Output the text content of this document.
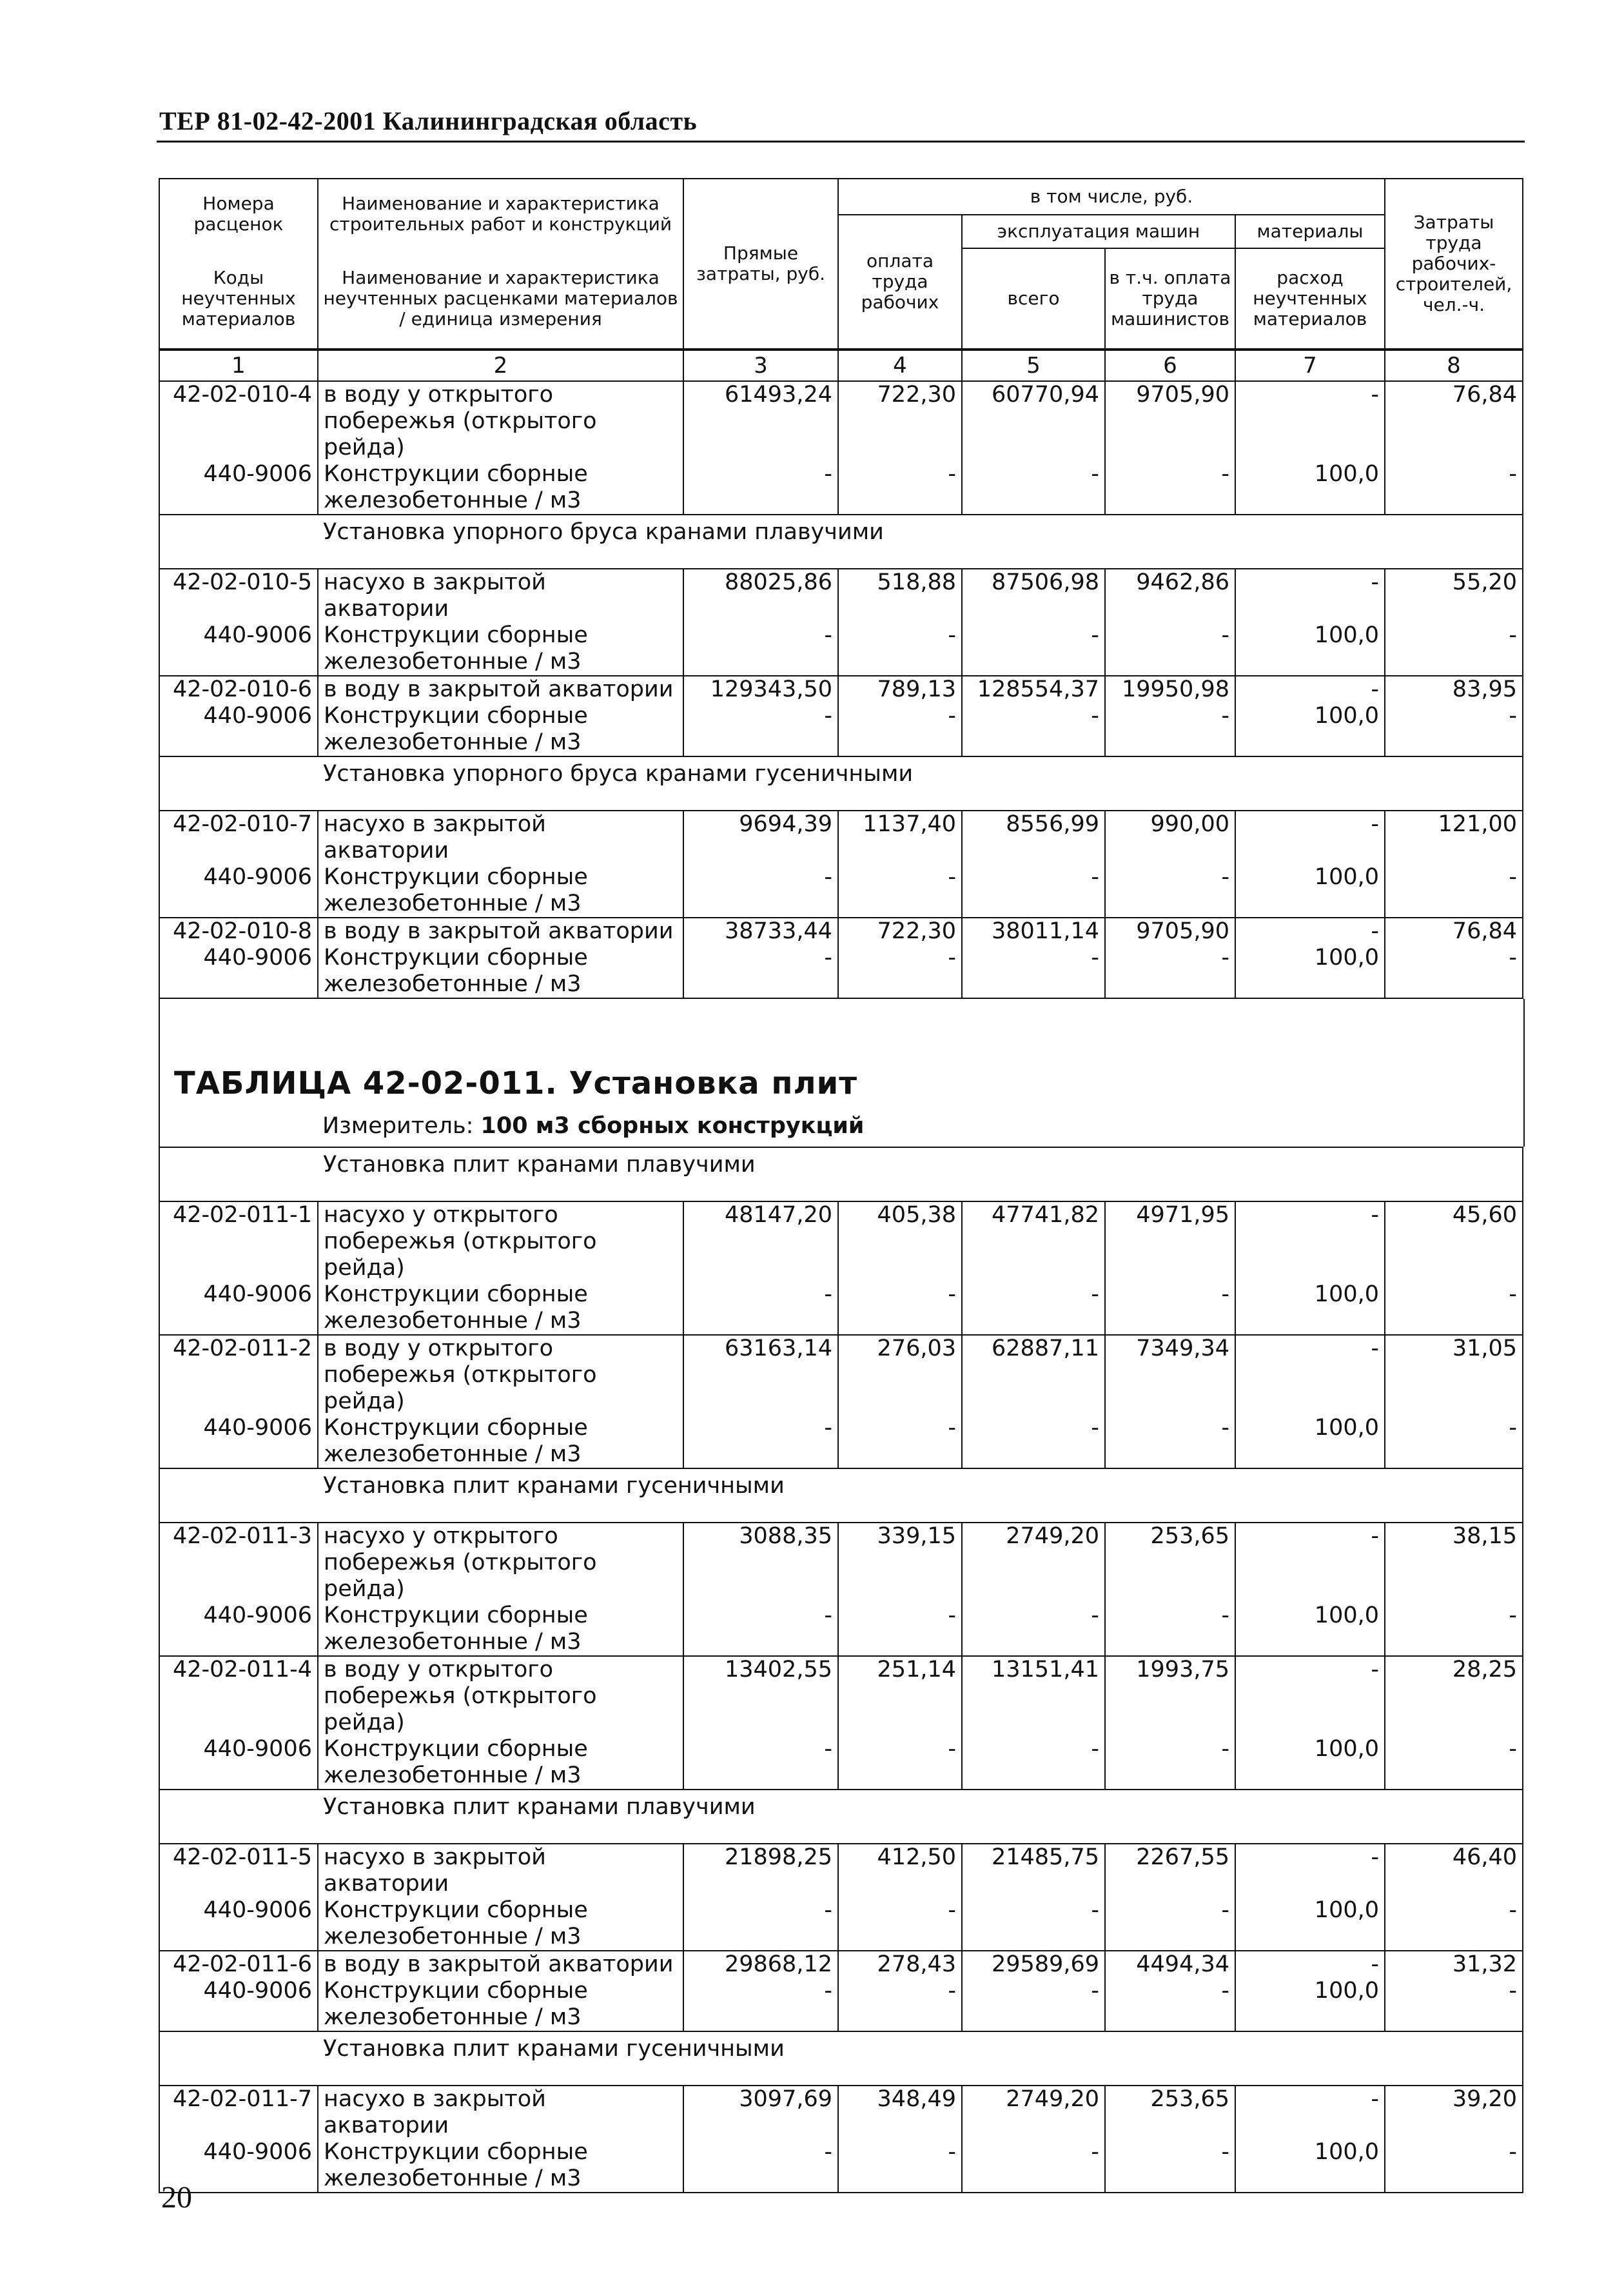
ТЕР 81-02-42-2001 Калининградская область
Номера расценок	Наименование и характеристика строительных работ и конструкций	Прямые затраты, руб.	в том числе, руб.				Затраты труда рабочих-строителей, чел.-ч.
			оплата труда рабочих	эксплуатация машин		материалы	
Коды неучтенных материалов	Наименование и характеристика неучтенных расценками материалов / единица измерения			всего	в т.ч. оплата труда машинистов	расход неучтенных материалов	

1	2	3	4	5	6	7	8
42-02-010-4	в воду у открытого побережья (открытого рейда)	61493,24	722,30	60770,94	9705,90	-	76,84
440-9006	Конструкции сборные железобетонные / м3	-	-	-	-	100,0	-
	Установка упорного бруса кранами плавучими						
42-02-010-5	насухо в закрытой акватории	88025,86	518,88	87506,98	9462,86	-	55,20
440-9006	Конструкции сборные железобетонные / м3	-	-	-	-	100,0	-
42-02-010-6	в воду в закрытой акватории	129343,50	789,13	128554,37	19950,98	-	83,95
440-9006	Конструкции сборные железобетонные / м3	-	-	-	-	100,0	-
	Установка упорного бруса кранами гусеничными						
42-02-010-7	насухо в закрытой акватории	9694,39	1137,40	8556,99	990,00	-	121,00
440-9006	Конструкции сборные железобетонные / м3	-	-	-	-	100,0	-
42-02-010-8	в воду в закрытой акватории	38733,44	722,30	38011,14	9705,90	-	76,84
440-9006	Конструкции сборные железобетонные / м3	-	-	-	-	100,0	-
ТАБЛИЦА 42-02-011. Установка плит
Измеритель: 100 м3 сборных конструкций
	Установка плит кранами плавучими						
42-02-011-1	насухо у открытого побережья (открытого рейда)	48147,20	405,38	47741,82	4971,95	-	45,60
440-9006	Конструкции сборные железобетонные / м3	-	-	-	-	100,0	-
42-02-011-2	в воду у открытого побережья (открытого рейда)	63163,14	276,03	62887,11	7349,34	-	31,05
440-9006	Конструкции сборные железобетонные / м3	-	-	-	-	100,0	-
	Установка плит кранами гусеничными						
42-02-011-3	насухо у открытого побережья (открытого рейда)	3088,35	339,15	2749,20	253,65	-	38,15
440-9006	Конструкции сборные железобетонные / м3	-	-	-	-	100,0	-
42-02-011-4	в воду у открытого побережья (открытого рейда)	13402,55	251,14	13151,41	1993,75	-	28,25
440-9006	Конструкции сборные железобетонные / м3	-	-	-	-	100,0	-
	Установка плит кранами плавучими						
42-02-011-5	насухо в закрытой акватории	21898,25	412,50	21485,75	2267,55	-	46,40
440-9006	Конструкции сборные железобетонные / м3	-	-	-	-	100,0	-
42-02-011-6	в воду в закрытой акватории	29868,12	278,43	29589,69	4494,34	-	31,32
440-9006	Конструкции сборные железобетонные / м3	-	-	-	-	100,0	-
	Установка плит кранами гусеничными						
42-02-011-7	насухо в закрытой акватории	3097,69	348,49	2749,20	253,65	-	39,20
440-9006	Конструкции сборные железобетонные / м3	-	-	-	-	100,0	-
20
